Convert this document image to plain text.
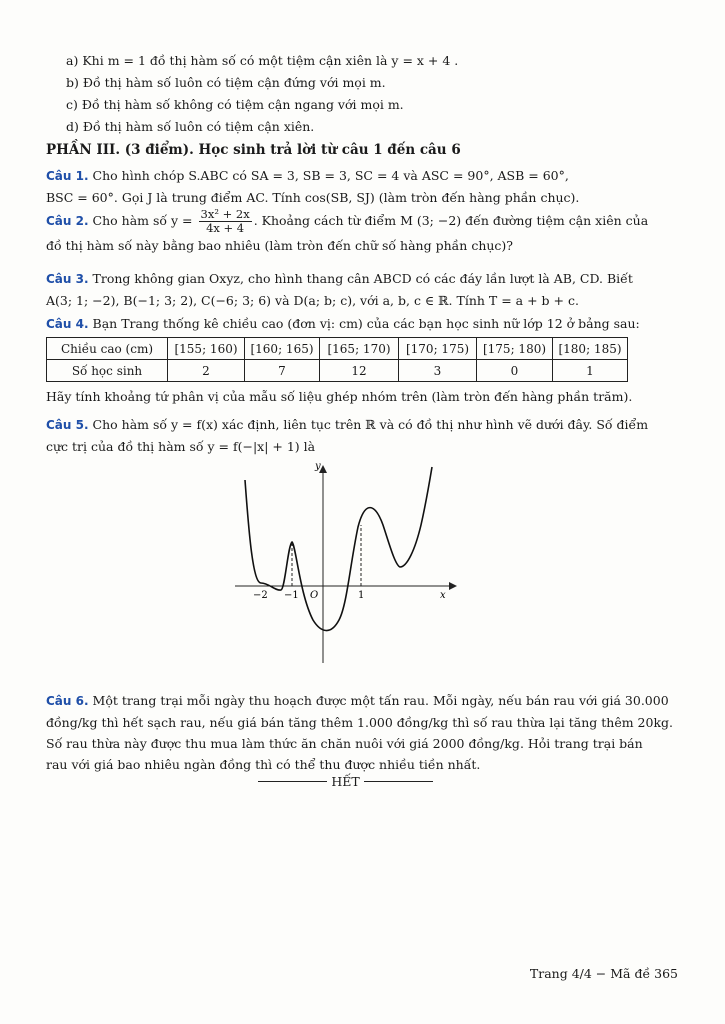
a) Khi m = 1 đồ thị hàm số có một tiệm cận xiên là y = x + 4 .
b) Đồ thị hàm số luôn có tiệm cận đứng với mọi m.
c) Đồ thị hàm số không có tiệm cận ngang với mọi m.
d) Đồ thị hàm số luôn có tiệm cận xiên.
PHẦN III. (3 điểm). Học sinh trả lời từ câu 1 đến câu 6
Câu 1. Cho hình chóp S.ABC có SA = 3, SB = 3, SC = 4 và ASC = 90°, ASB = 60°,
BSC = 60°. Gọi J là trung điểm AC. Tính cos(SB, SJ) (làm tròn đến hàng phần chục).
Câu 2. Cho hàm số $y = \frac{\text{3x² + 2x}}{4x + 4}$ . Khoảng cách từ điểm M (3; −2) đến đường tiệm cận xiên của
đồ thị hàm số này bằng bao nhiêu (làm tròn đến chữ số hàng phần chục)?
Câu 3. Trong không gian Oxyz, cho hình thang cân ABCD có các đáy lần lượt là AB, CD. Biết
A(3; 1; −2), B(−1; 3; 2), C(−6; 3; 6) và D(a; b; c), với a, b, c ∈ ℝ. Tính T = a + b + c.
Câu 4. Bạn Trang thống kê chiều cao (đơn vị: cm) của các bạn học sinh nữ lớp 12 ở bảng sau:
Chiều cao (cm)	[155; 160)	[160; 165)	[165; 170)	[170; 175)	[175; 180)	[180; 185)
Số học sinh	2	7	12	3	0	1
Hãy tính khoảng tứ phân vị của mẫu số liệu ghép nhóm trên (làm tròn đến hàng phần trăm).
Câu 5. Cho hàm số y = f(x) xác định, liên tục trên ℝ và có đồ thị như hình vẽ dưới đây. Số điểm
cực trị của đồ thị hàm số y = f(−|x| + 1) là
y
x
O
−2 −1	1
Câu 6. Một trang trại mỗi ngày thu hoạch được một tấn rau. Mỗi ngày, nếu bán rau với giá 30.000
đồng/kg thì hết sạch rau, nếu giá bán tăng thêm 1.000 đồng/kg thì số rau thừa lại tăng thêm 20kg.
Số rau thừa này được thu mua làm thức ăn chăn nuôi với giá 2000 đồng/kg. Hỏi trang trại bán
rau với giá bao nhiêu ngàn đồng thì có thể thu được nhiều tiền nhất.
HẾT
Trang 4/4 − Mã đề 365
